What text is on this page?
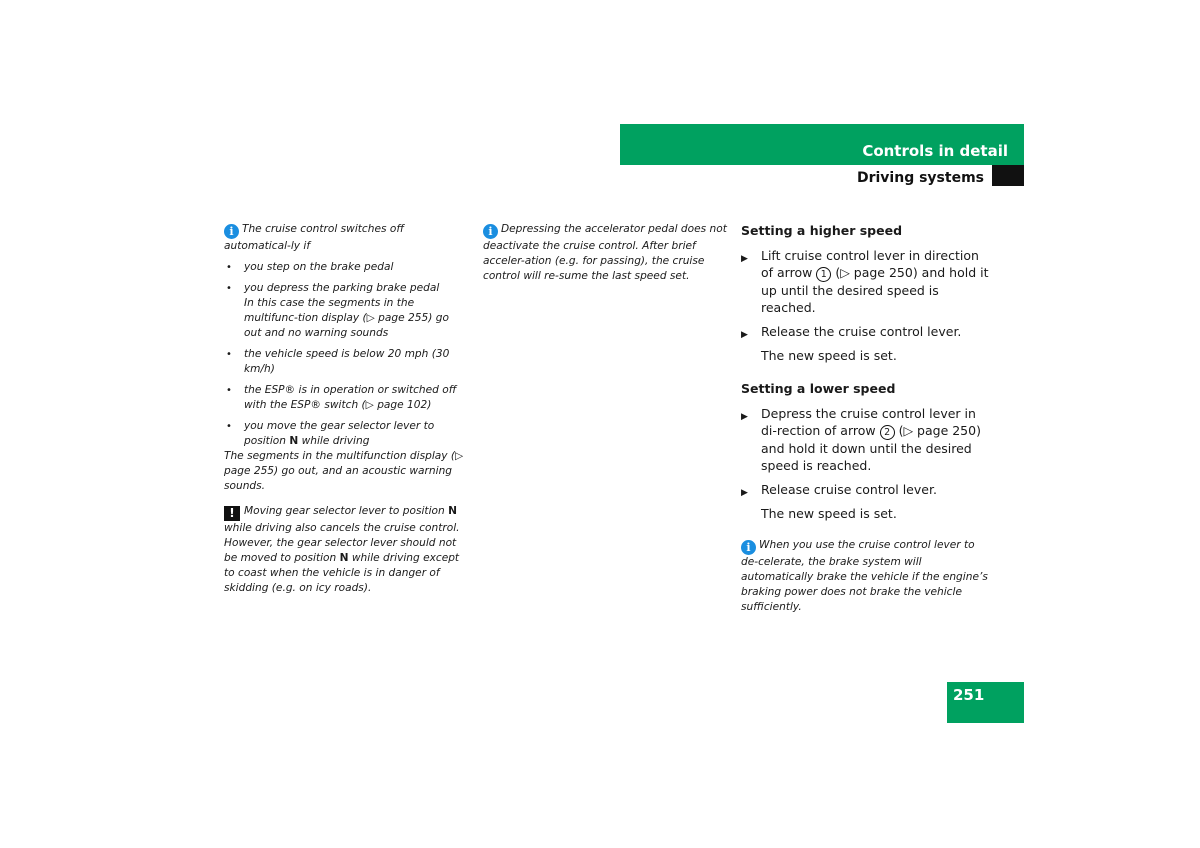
Controls in detail
Driving systems

i The cruise control switches off automatical-ly if

• you step on the brake pedal
• you depress the parking brake pedal

In this case the segments in the multifunc-tion display (▷ page 255) go out and no warning sounds

• the vehicle speed is below 20 mph (30 km/h)
• the ESP® is in operation or switched off with the ESP® switch (▷ page 102)
• you move the gear selector lever to position N while driving

The segments in the multifunction display (▷ page 255) go out, and an acoustic warning sounds.

! Moving gear selector lever to position N while driving also cancels the cruise control. However, the gear selector lever should not be moved to position N while driving except to coast when the vehicle is in danger of skidding (e.g. on icy roads).

i Depressing the accelerator pedal does not deactivate the cruise control. After brief acceler-ation (e.g. for passing), the cruise control will re-sume the last speed set.

Setting a higher speed

▶ Lift cruise control lever in direction of arrow 1 (▷ page 250) and hold it up until the desired speed is reached.
▶ Release the cruise control lever.

The new speed is set.

Setting a lower speed

▶ Depress the cruise control lever in di-rection of arrow 2 (▷ page 250) and hold it down until the desired speed is reached.
▶ Release cruise control lever.

The new speed is set.

i When you use the cruise control lever to de-celerate, the brake system will automatically brake the vehicle if the engine’s braking power does not brake the vehicle sufficiently.

251
